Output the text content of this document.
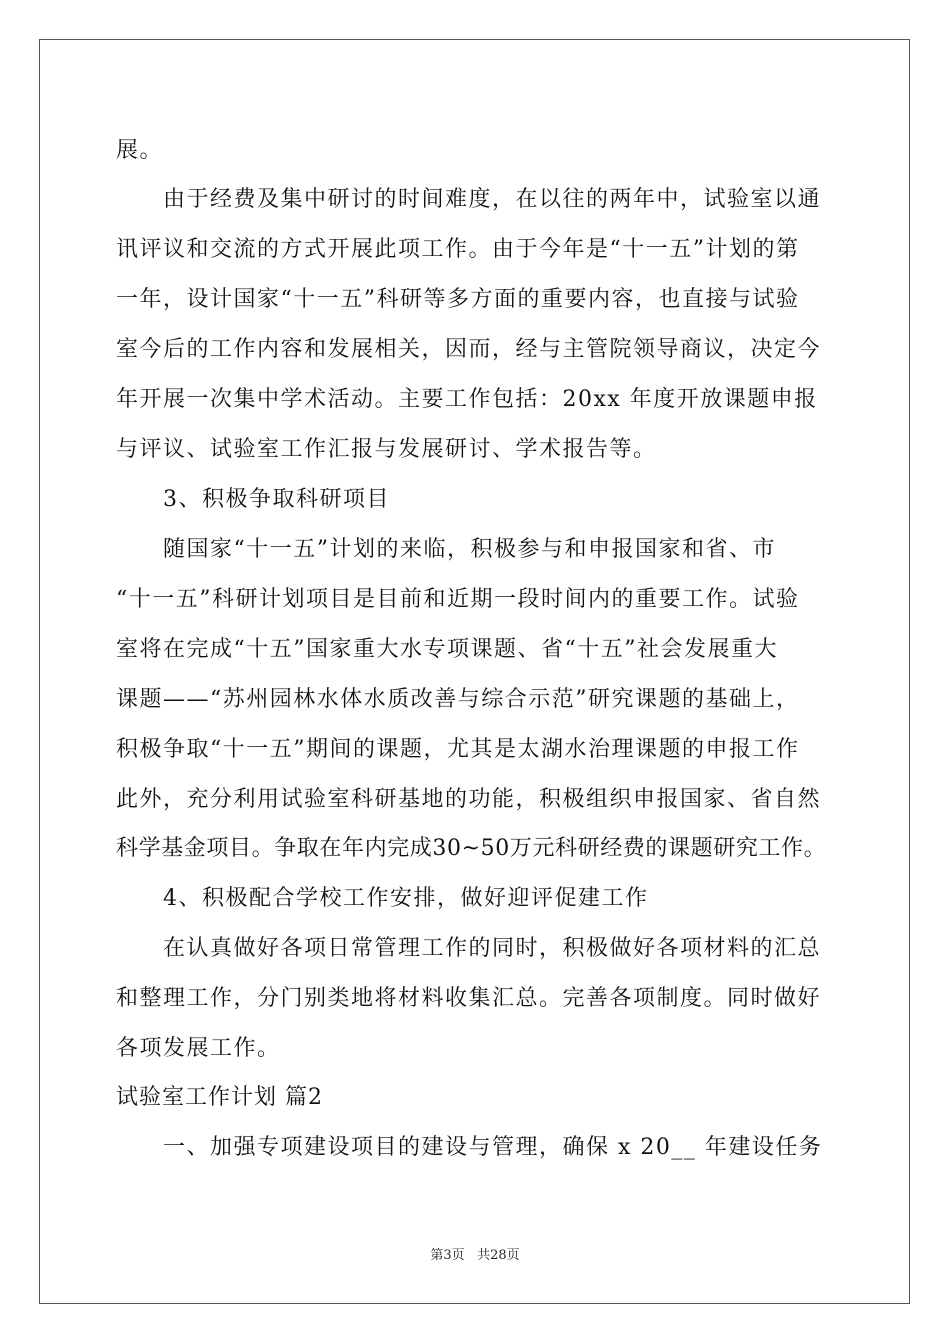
展。
由于经费及集中研讨的时间难度，在以往的两年中，试验室以通
讯评议和交流的方式开展此项工作。由于今年是“十一五”计划的第
一年，设计国家“十一五”科研等多方面的重要内容，也直接与试验
室今后的工作内容和发展相关，因而，经与主管院领导商议，决定今
年开展一次集中学术活动。主要工作包括：20xx 年度开放课题申报
与评议、试验室工作汇报与发展研讨、学术报告等。
3、积极争取科研项目
随国家“十一五”计划的来临，积极参与和申报国家和省、市
“十一五”科研计划项目是目前和近期一段时间内的重要工作。试验
室将在完成“十五”国家重大水专项课题、省“十五”社会发展重大
课题——“苏州园林水体水质改善与综合示范”研究课题的基础上，
积极争取“十一五”期间的课题，尤其是太湖水治理课题的申报工作
此外，充分利用试验室科研基地的功能，积极组织申报国家、省自然
科学基金项目。争取在年内完成30~50万元科研经费的课题研究工作。
4、积极配合学校工作安排，做好迎评促建工作
在认真做好各项日常管理工作的同时，积极做好各项材料的汇总
和整理工作，分门别类地将材料收集汇总。完善各项制度。同时做好
各项发展工作。
试验室工作计划 篇2
一、加强专项建设项目的建设与管理，确保 x 20__ 年建设任务
第3页 共28页
